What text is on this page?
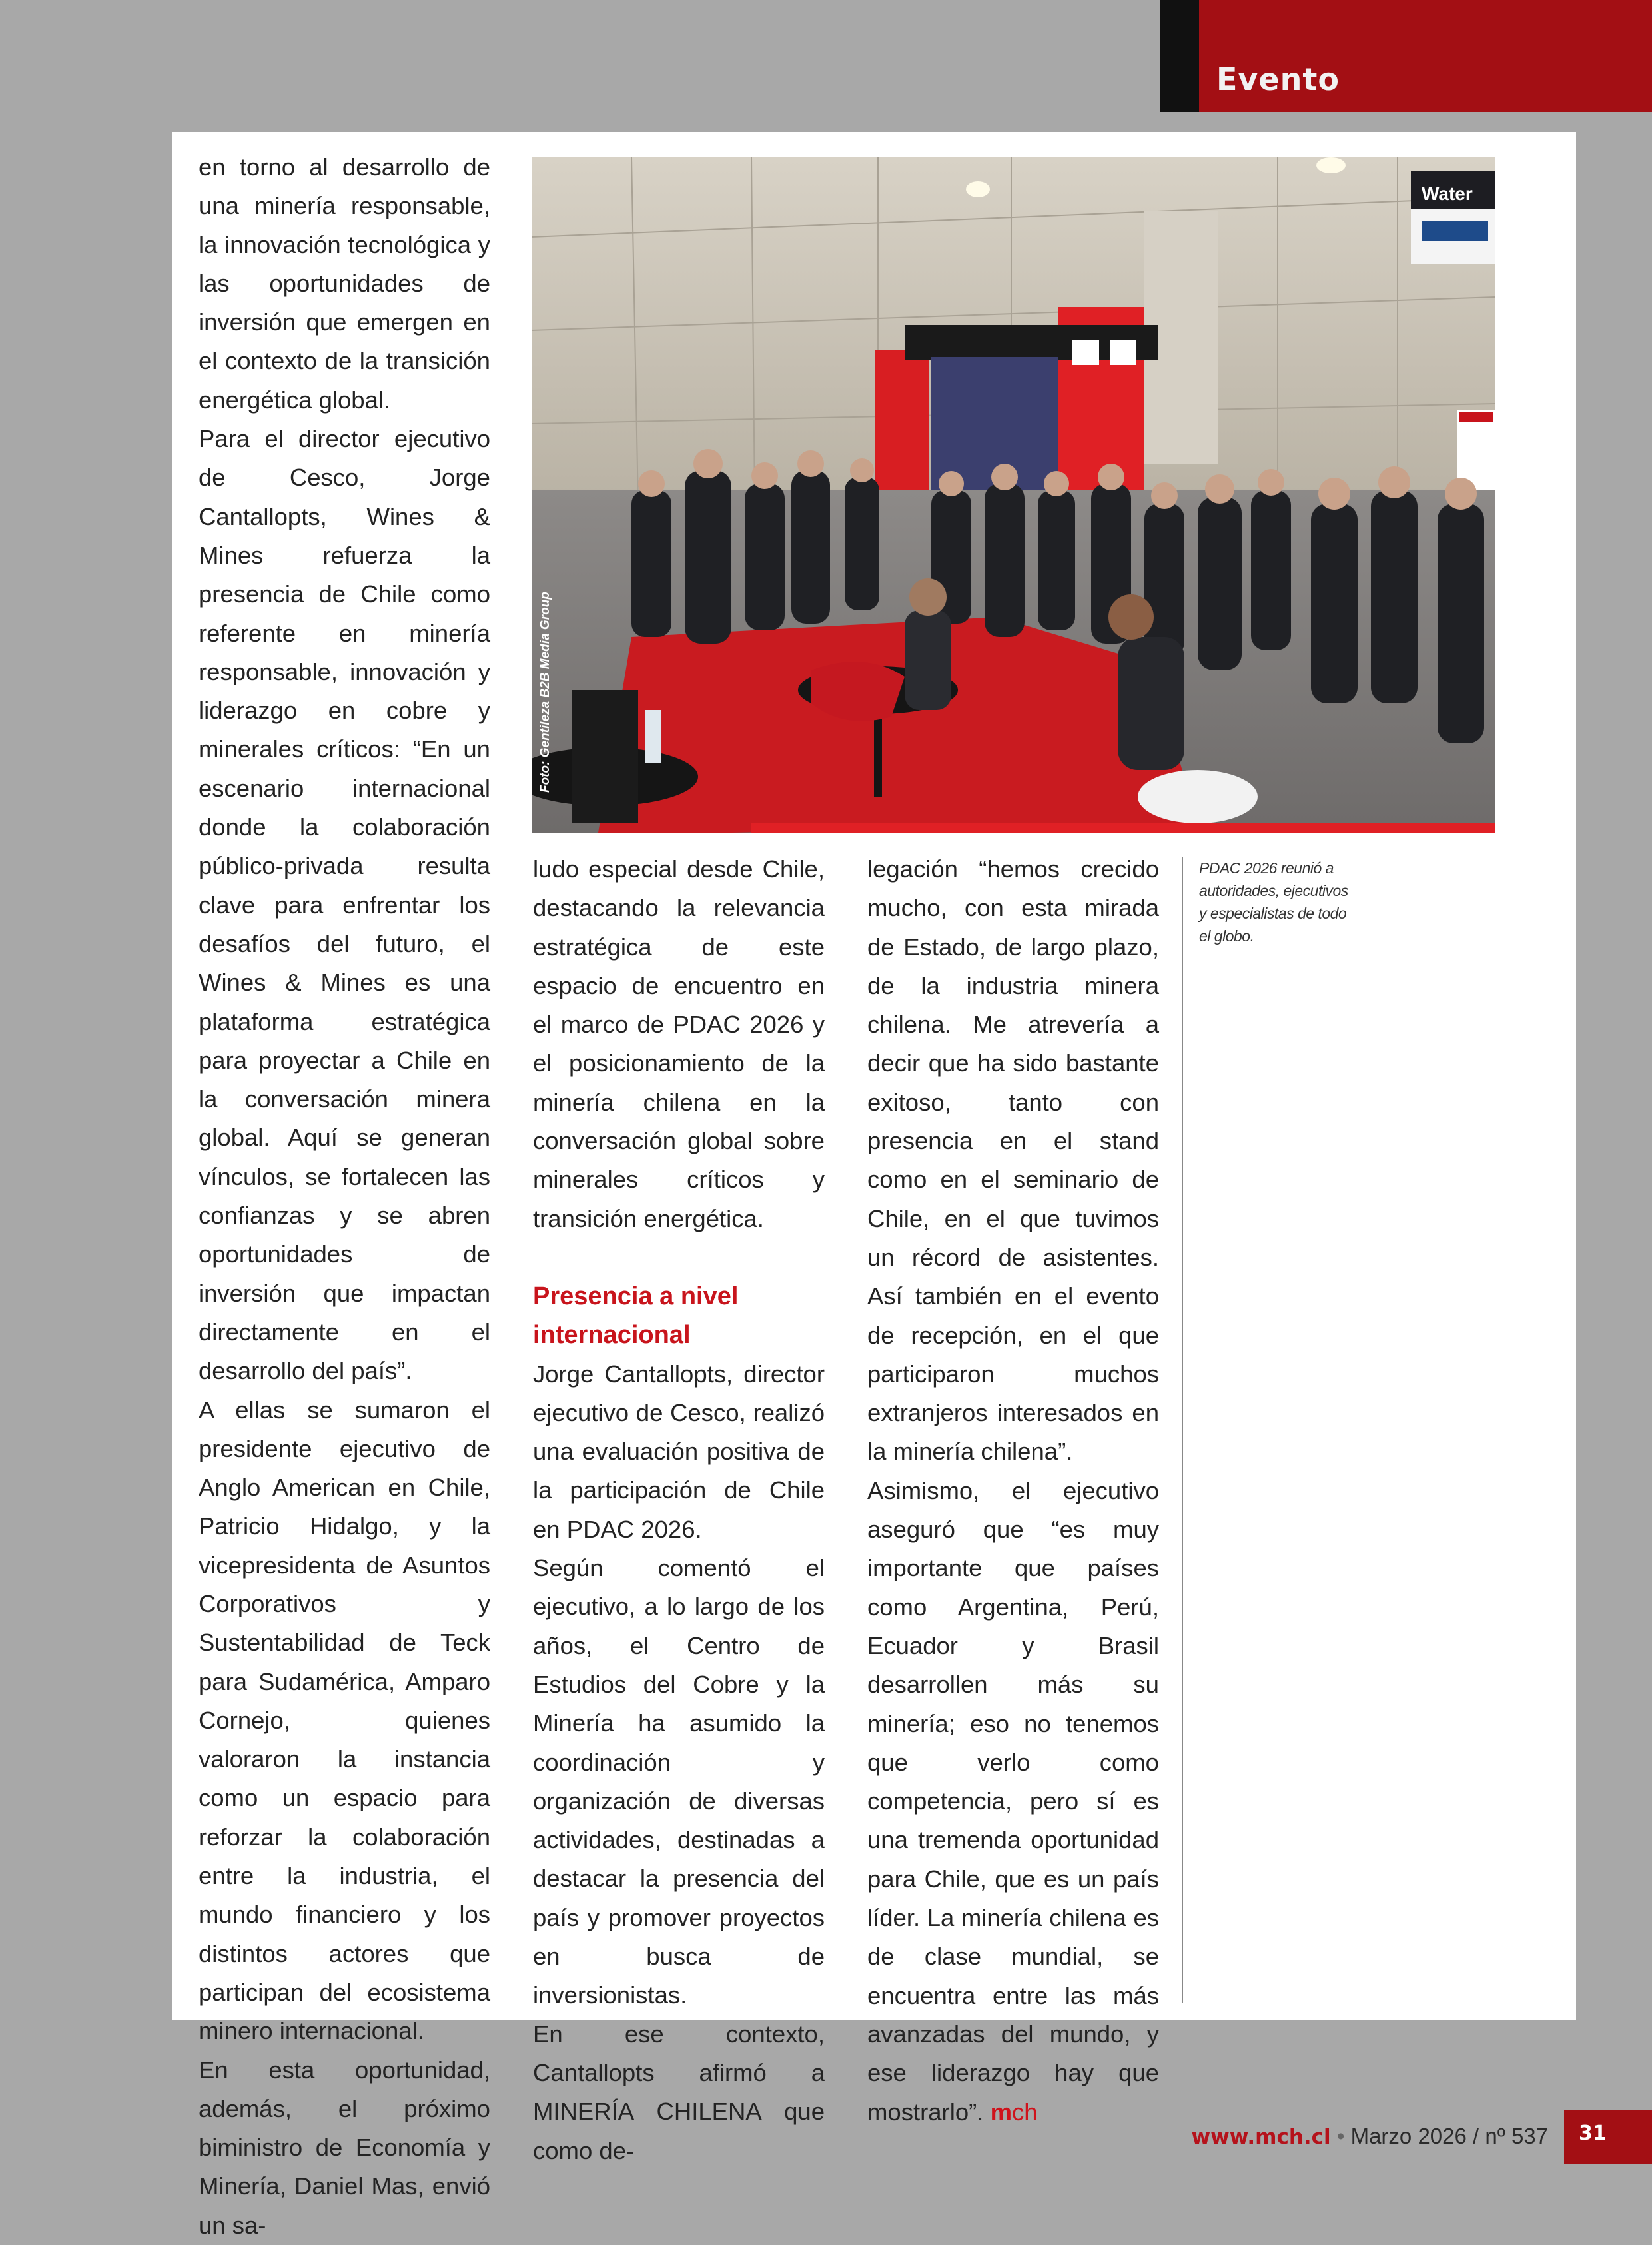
Evento

en torno al desarrollo de una minería responsable, la innovación tecnológica y las oportunidades de inversión que emergen en el contexto de la transición energética global.

Para el director ejecutivo de Cesco, Jorge Cantallopts, Wines & Mines refuerza la presencia de Chile como referente en minería responsable, innovación y liderazgo en cobre y minerales críticos: “En un escenario internacional donde la colaboración público-privada resulta clave para enfrentar los desafíos del futuro, el Wines & Mines es una plataforma estratégica para proyectar a Chile en la conversación minera global. Aquí se generan vínculos, se fortalecen las confianzas y se abren oportunidades de inversión que impactan directamente en el desarrollo del país”.

A ellas se sumaron el presidente ejecutivo de Anglo American en Chile, Patricio Hidalgo, y la vicepresidenta de Asuntos Corporativos y Sustentabilidad de Teck para Sudamérica, Amparo Cornejo, quienes valoraron la instancia como un espacio para reforzar la colaboración entre la industria, el mundo financiero y los distintos actores que participan del ecosistema minero internacional.

En esta oportunidad, además, el próximo biministro de Economía y Minería, Daniel Mas, envió un sa-

Water
Foto: Gentileza B2B Media Group

ludo especial desde Chile, destacando la relevancia estratégica de este espacio de encuentro en el marco de PDAC 2026 y el posicionamiento de la minería chilena en la conversación global sobre minerales críticos y transición energética.

Presencia a nivel internacional

Jorge Cantallopts, director ejecutivo de Cesco, realizó una evaluación positiva de la participación de Chile en PDAC 2026.

Según comentó el ejecutivo, a lo largo de los años, el Centro de Estudios del Cobre y la Minería ha asumido la coordinación y organización de diversas actividades, destinadas a destacar la presencia del país y promover proyectos en busca de inversionistas.

En ese contexto, Cantallopts afirmó a MINERÍA CHILENA que como de-

legación “hemos crecido mucho, con esta mirada de Estado, de largo plazo, de la industria minera chilena. Me atrevería a decir que ha sido bastante exitoso, tanto con presencia en el stand como en el seminario de Chile, en el que tuvimos un récord de asistentes. Así también en el evento de recepción, en el que participaron muchos extranjeros interesados en la minería chilena”.

Asimismo, el ejecutivo aseguró que “es muy importante que países como Argentina, Perú, Ecuador y Brasil desarrollen más su minería; eso no tenemos que verlo como competencia, pero sí es una tremenda oportunidad para Chile, que es un país líder. La minería chilena es de clase mundial, se encuentra entre las más avanzadas del mundo, y ese liderazgo hay que mostrarlo”. mch

PDAC 2026 reunió a autoridades, ejecutivos y especialistas de todo el globo.
www.mch.cl • Marzo 2026 / nº 537 31
